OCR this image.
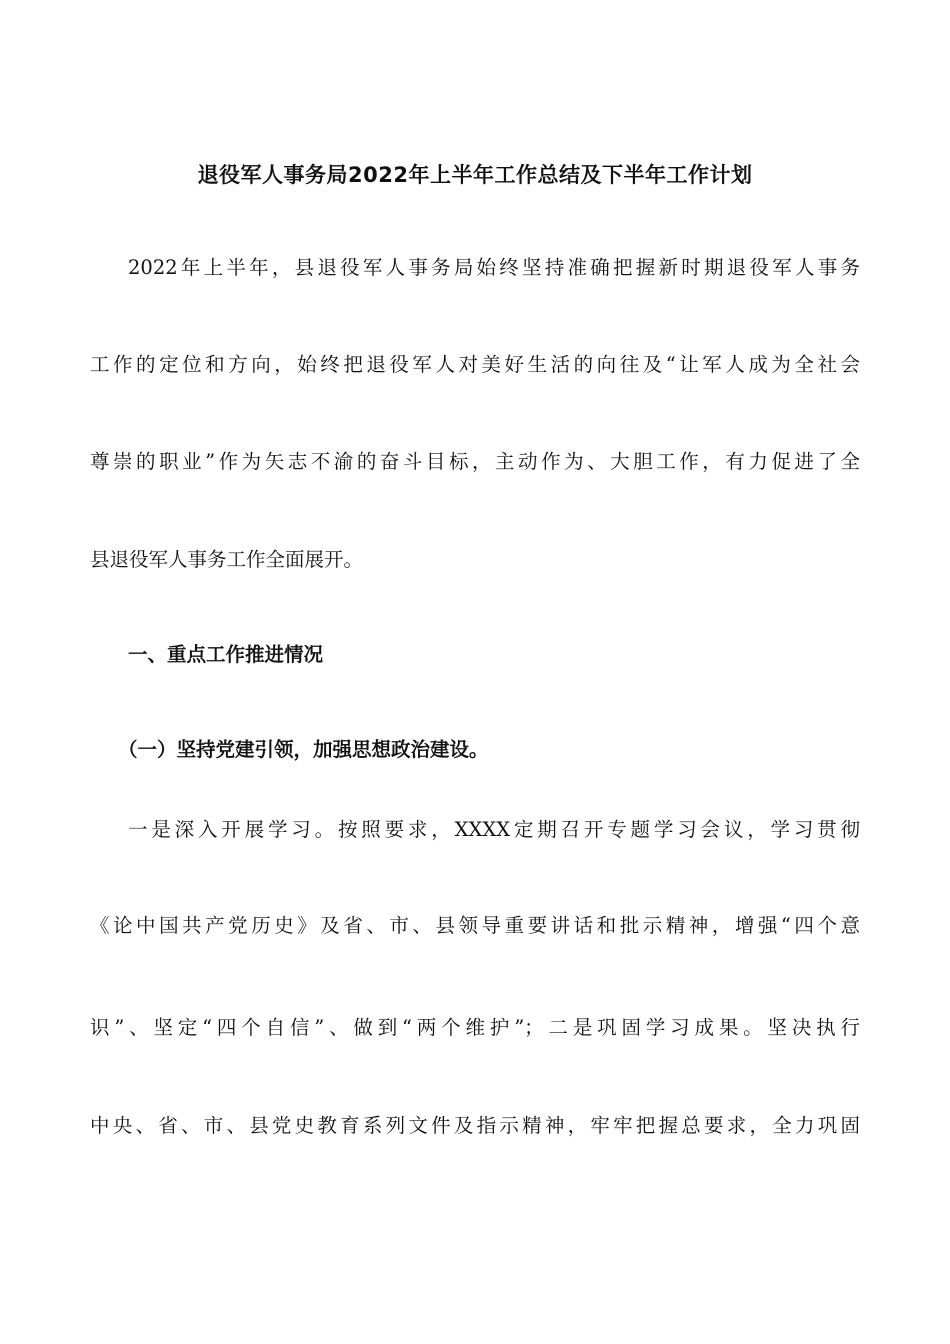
退役军人事务局2022年上半年工作总结及下半年工作计划
2022年上半年，县退役军人事务局始终坚持准确把握新时期退役军人事务
工作的定位和方向，始终把退役军人对美好生活的向往及“让军人成为全社会
尊崇的职业”作为矢志不渝的奋斗目标，主动作为、大胆工作，有力促进了全
县退役军人事务工作全面展开。
一、重点工作推进情况
（一）坚持党建引领，加强思想政治建设。
一是深入开展学习。按照要求，XXXX定期召开专题学习会议，学习贯彻
《论中国共产党历史》及省、市、县领导重要讲话和批示精神，增强“四个意
识”、坚定“四个自信”、做到“两个维护”；二是巩固学习成果。坚决执行
中央、省、市、县党史教育系列文件及指示精神，牢牢把握总要求，全力巩固
